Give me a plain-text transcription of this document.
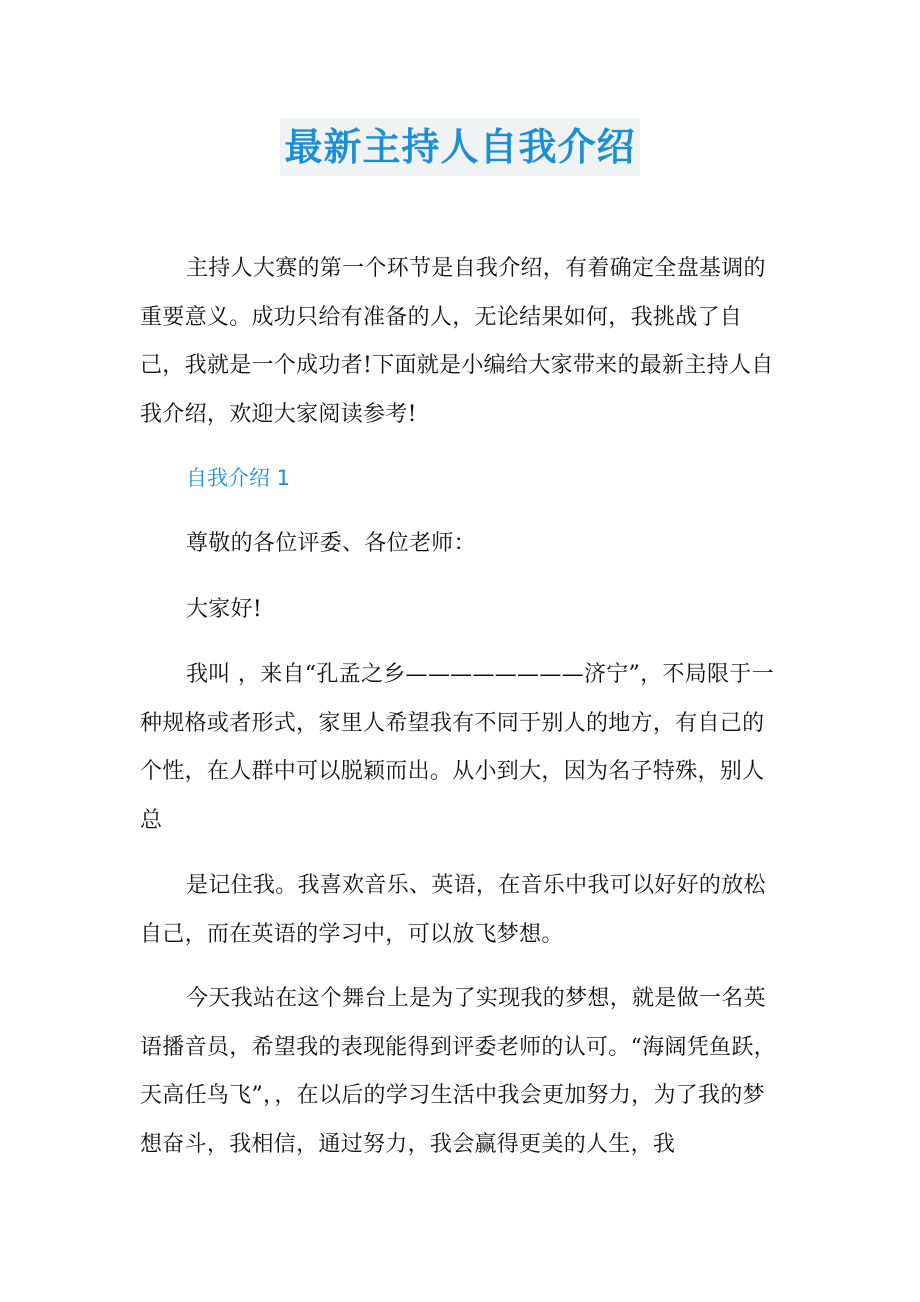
最新主持人自我介绍

主持人大赛的第一个环节是自我介绍，有着确定全盘基调的重要意义。成功只给有准备的人，无论结果如何，我挑战了自己，我就是一个成功者!下面就是小编给大家带来的最新主持人自我介绍，欢迎大家阅读参考!

自我介绍 1

尊敬的各位评委、各位老师：

大家好!

我叫 ，来自“孔孟之乡————————济宁”，不局限于一种规格或者形式，家里人希望我有不同于别人的地方，有自己的个性，在人群中可以脱颖而出。从小到大，因为名子特殊，别人总

是记住我。我喜欢音乐、英语，在音乐中我可以好好的放松自己，而在英语的学习中，可以放飞梦想。

今天我站在这个舞台上是为了实现我的梦想，就是做一名英语播音员，希望我的表现能得到评委老师的认可。“海阔凭鱼跃，天高任鸟飞”，，在以后的学习生活中我会更加努力，为了我的梦想奋斗，我相信，通过努力，我会赢得更美的人生，我
